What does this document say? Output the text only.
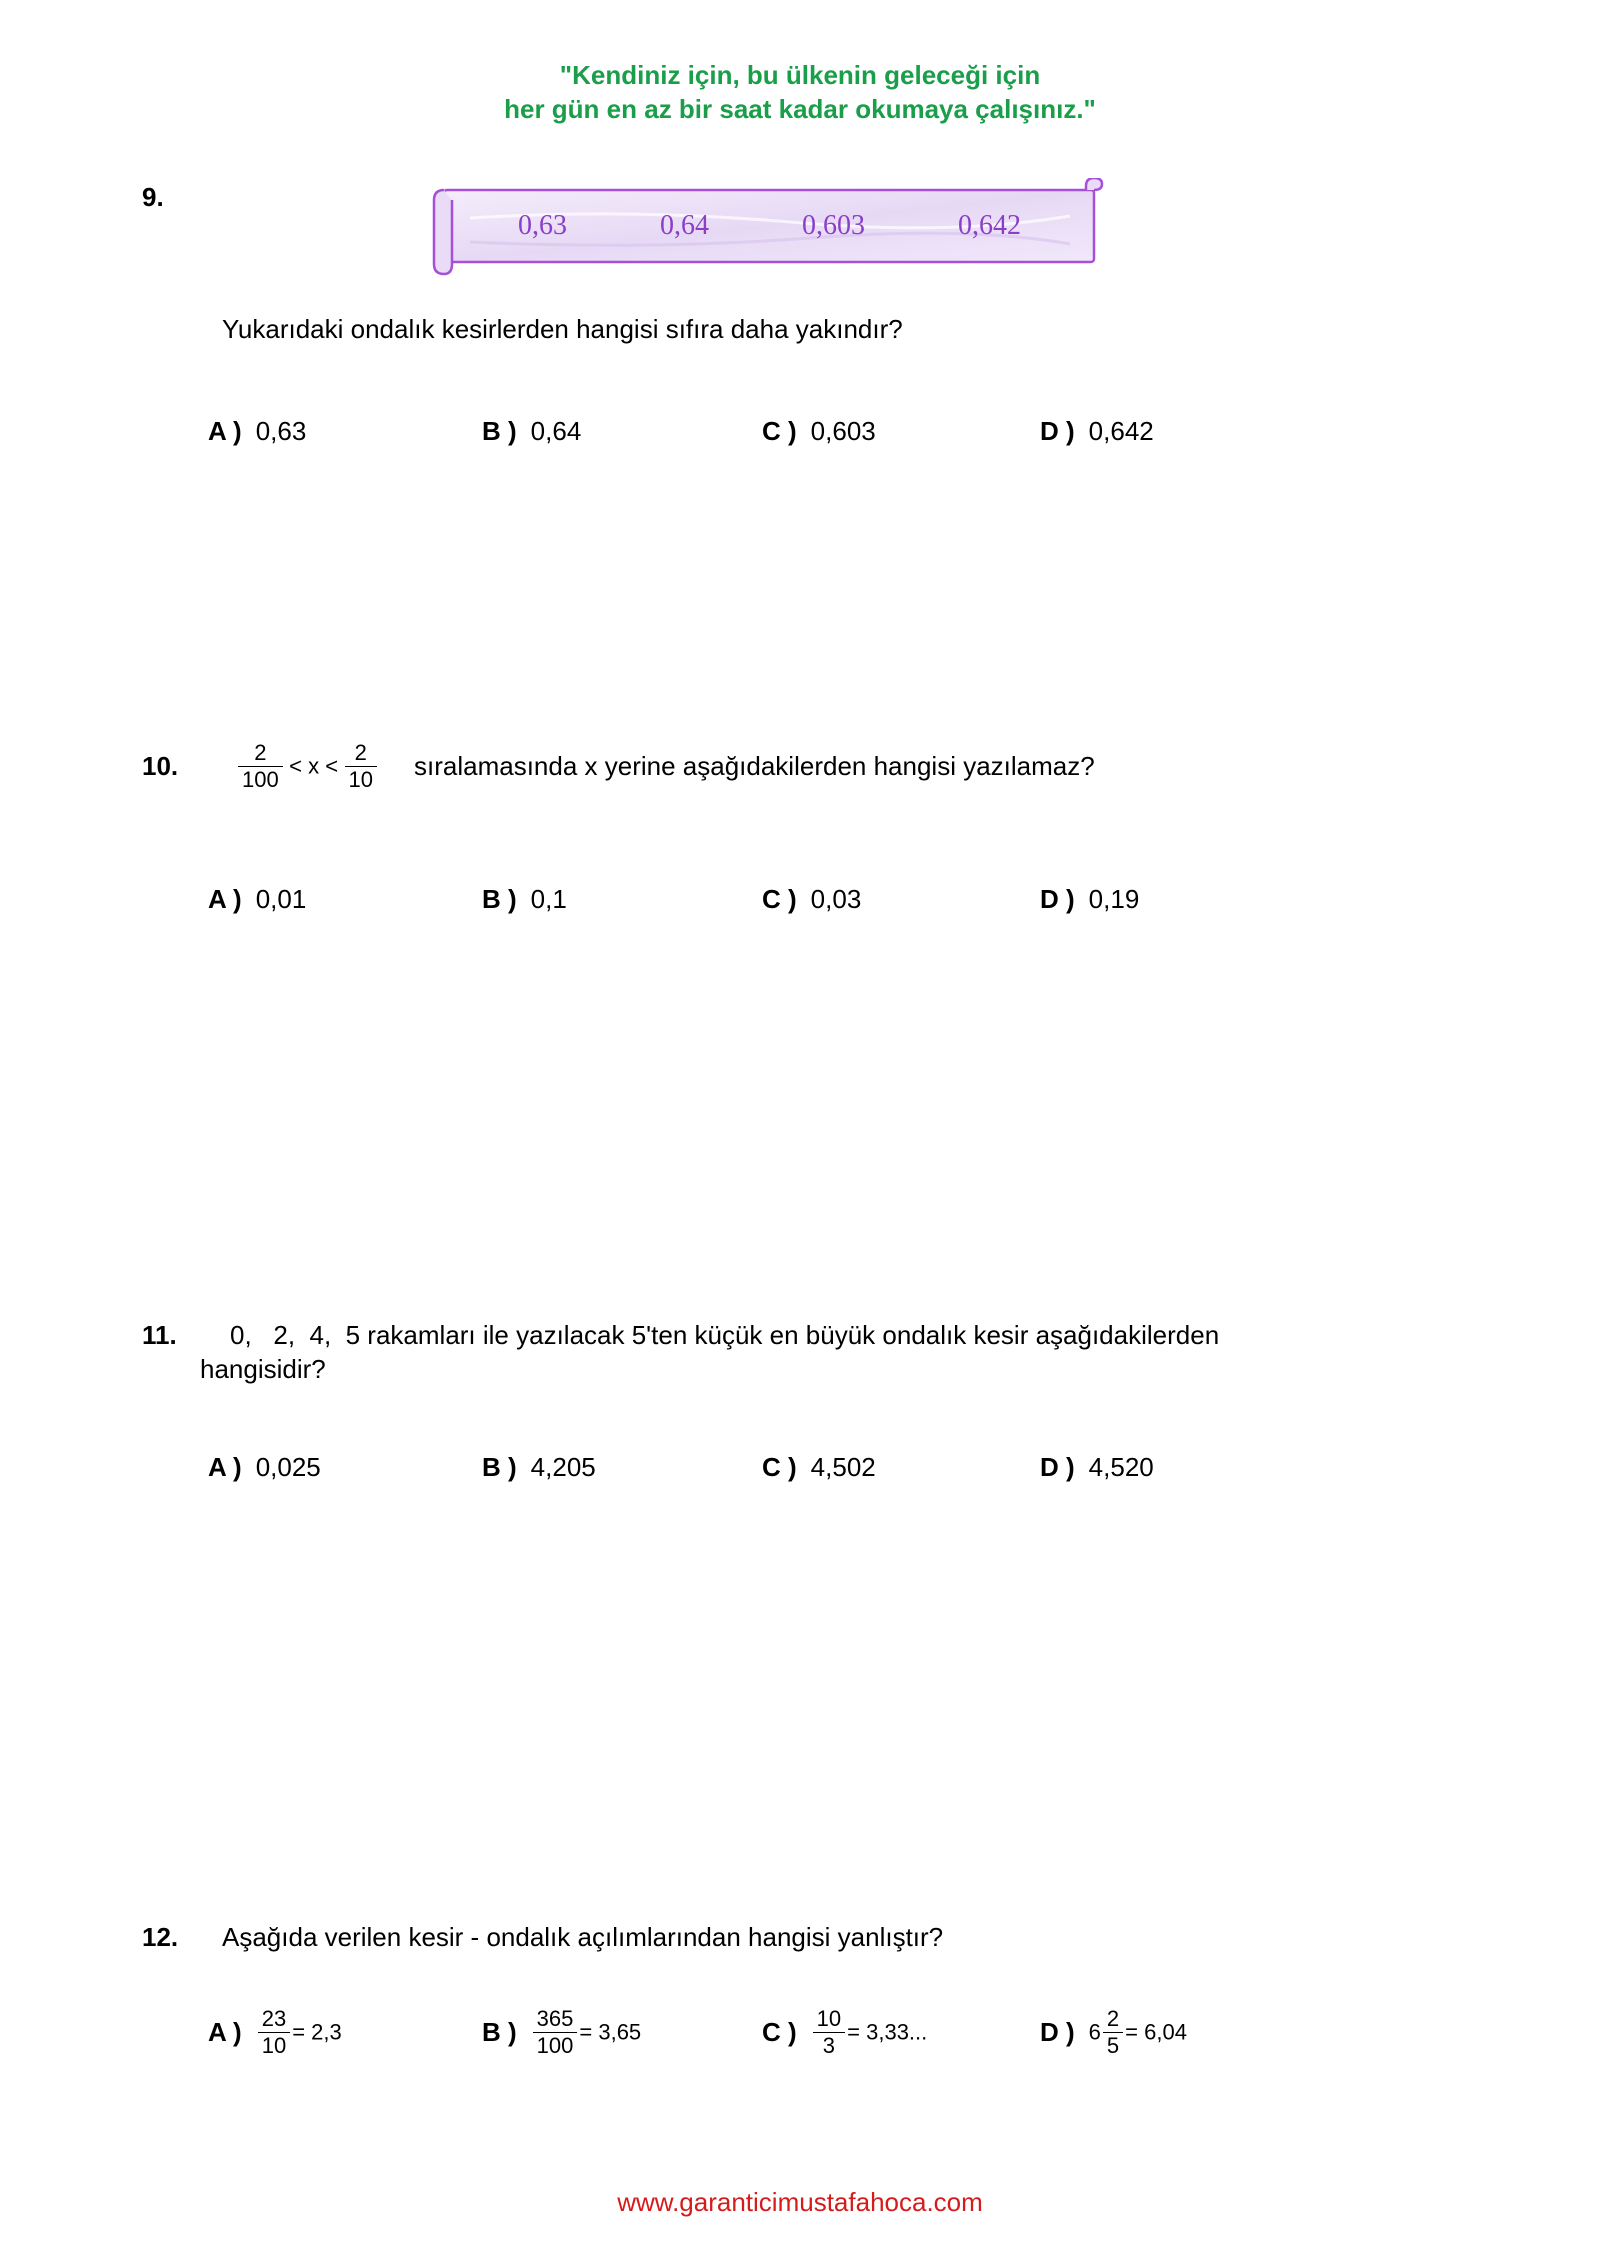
"Kendiniz için, bu ülkenin geleceği için
her gün en az bir saat kadar okumaya çalışınız."
9.
0,63	0,64	0,603	0,642
Yukarıdaki ondalık kesirlerden hangisi sıfıra daha yakındır?
A ) 0,63	B ) 0,64	C ) 0,603	D ) 0,642
10.	$\frac{2}{100} < x < \frac{2}{10}$ sıralamasında x yerine aşağıdakilerden hangisi yazılamaz?
A ) 0,01	B ) 0,1	C ) 0,03	D ) 0,19
11. 0,   2,  4,  5 rakamları ile yazılacak 5'ten küçük en büyük ondalık kesir aşağıdakilerden
hangisidir?
A ) 0,025	B ) 4,205	C ) 4,502	D ) 4,520
12. Aşağıda verilen kesir - ondalık açılımlarından hangisi yanlıştır?
A ) $\frac{23}{10} = 2,3$	B ) $\frac{365}{100} = 3,65$	C ) $\frac{10}{3} = 3,33$...	D ) $6 \frac{2}{5} = 6,04$
www.garanticimustafahoca.com
